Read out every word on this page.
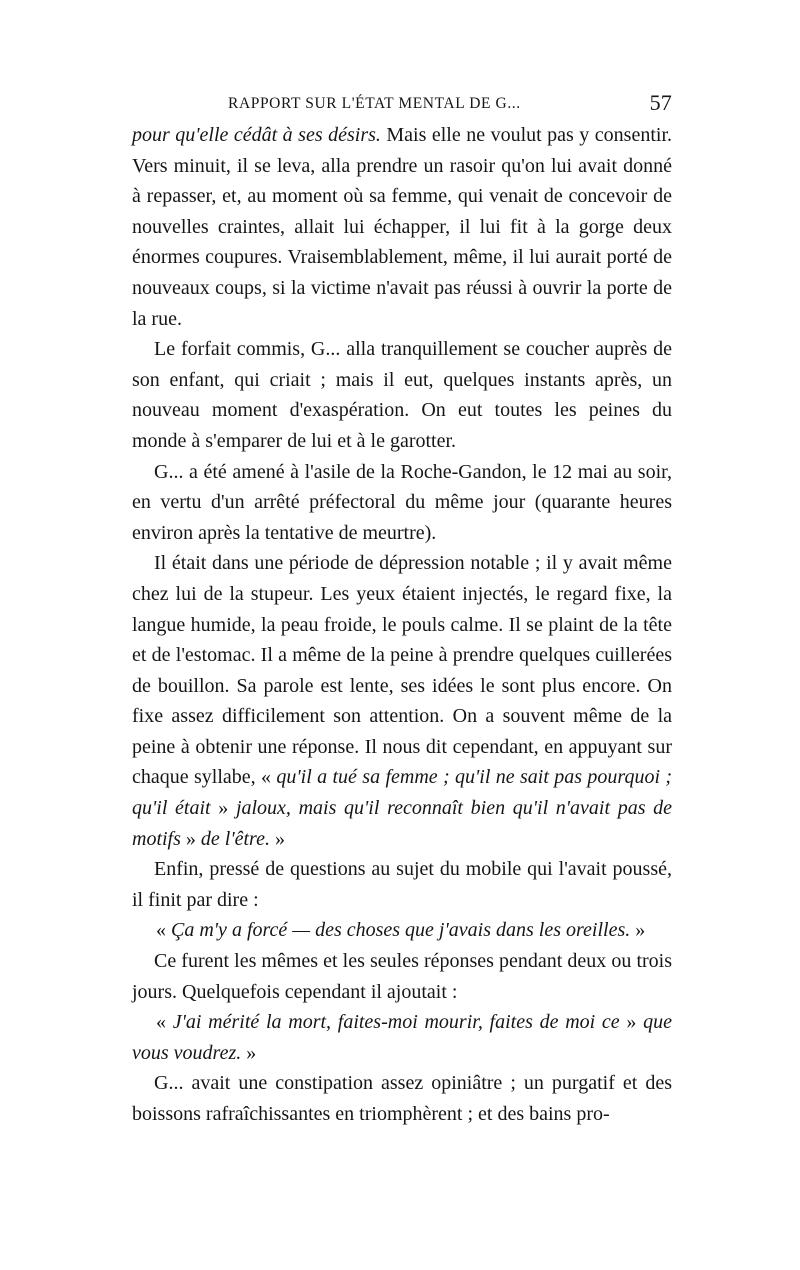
RAPPORT SUR L'ÉTAT MENTAL DE G...	57

pour qu'elle cédât à ses désirs. Mais elle ne voulut pas y consentir. Vers minuit, il se leva, alla prendre un rasoir qu'on lui avait donné à repasser, et, au moment où sa femme, qui venait de concevoir de nouvelles craintes, allait lui échapper, il lui fit à la gorge deux énormes coupures. Vraisemblablement, même, il lui aurait porté de nouveaux coups, si la victime n'avait pas réussi à ouvrir la porte de la rue.

Le forfait commis, G... alla tranquillement se coucher auprès de son enfant, qui criait ; mais il eut, quelques instants après, un nouveau moment d'exaspération. On eut toutes les peines du monde à s'emparer de lui et à le garotter.

G... a été amené à l'asile de la Roche-Gandon, le 12 mai au soir, en vertu d'un arrêté préfectoral du même jour (quarante heures environ après la tentative de meurtre).

Il était dans une période de dépression notable ; il y avait même chez lui de la stupeur. Les yeux étaient injectés, le regard fixe, la langue humide, la peau froide, le pouls calme. Il se plaint de la tête et de l'estomac. Il a même de la peine à prendre quelques cuillerées de bouillon. Sa parole est lente, ses idées le sont plus encore. On fixe assez difficilement son attention. On a souvent même de la peine à obtenir une réponse. Il nous dit cependant, en appuyant sur chaque syllabe, « qu'il a tué sa femme ; qu'il ne sait pas pourquoi ; qu'il était » jaloux, mais qu'il reconnaît bien qu'il n'avait pas de motifs » de l'être. »

Enfin, pressé de questions au sujet du mobile qui l'avait poussé, il finit par dire :

« Ça m'y a forcé — des choses que j'avais dans les oreilles. »

Ce furent les mêmes et les seules réponses pendant deux ou trois jours. Quelquefois cependant il ajoutait :

« J'ai mérité la mort, faites-moi mourir, faites de moi ce » que vous voudrez. »

G... avait une constipation assez opiniâtre ; un purgatif et des boissons rafraîchissantes en triomphèrent ; et des bains pro-
